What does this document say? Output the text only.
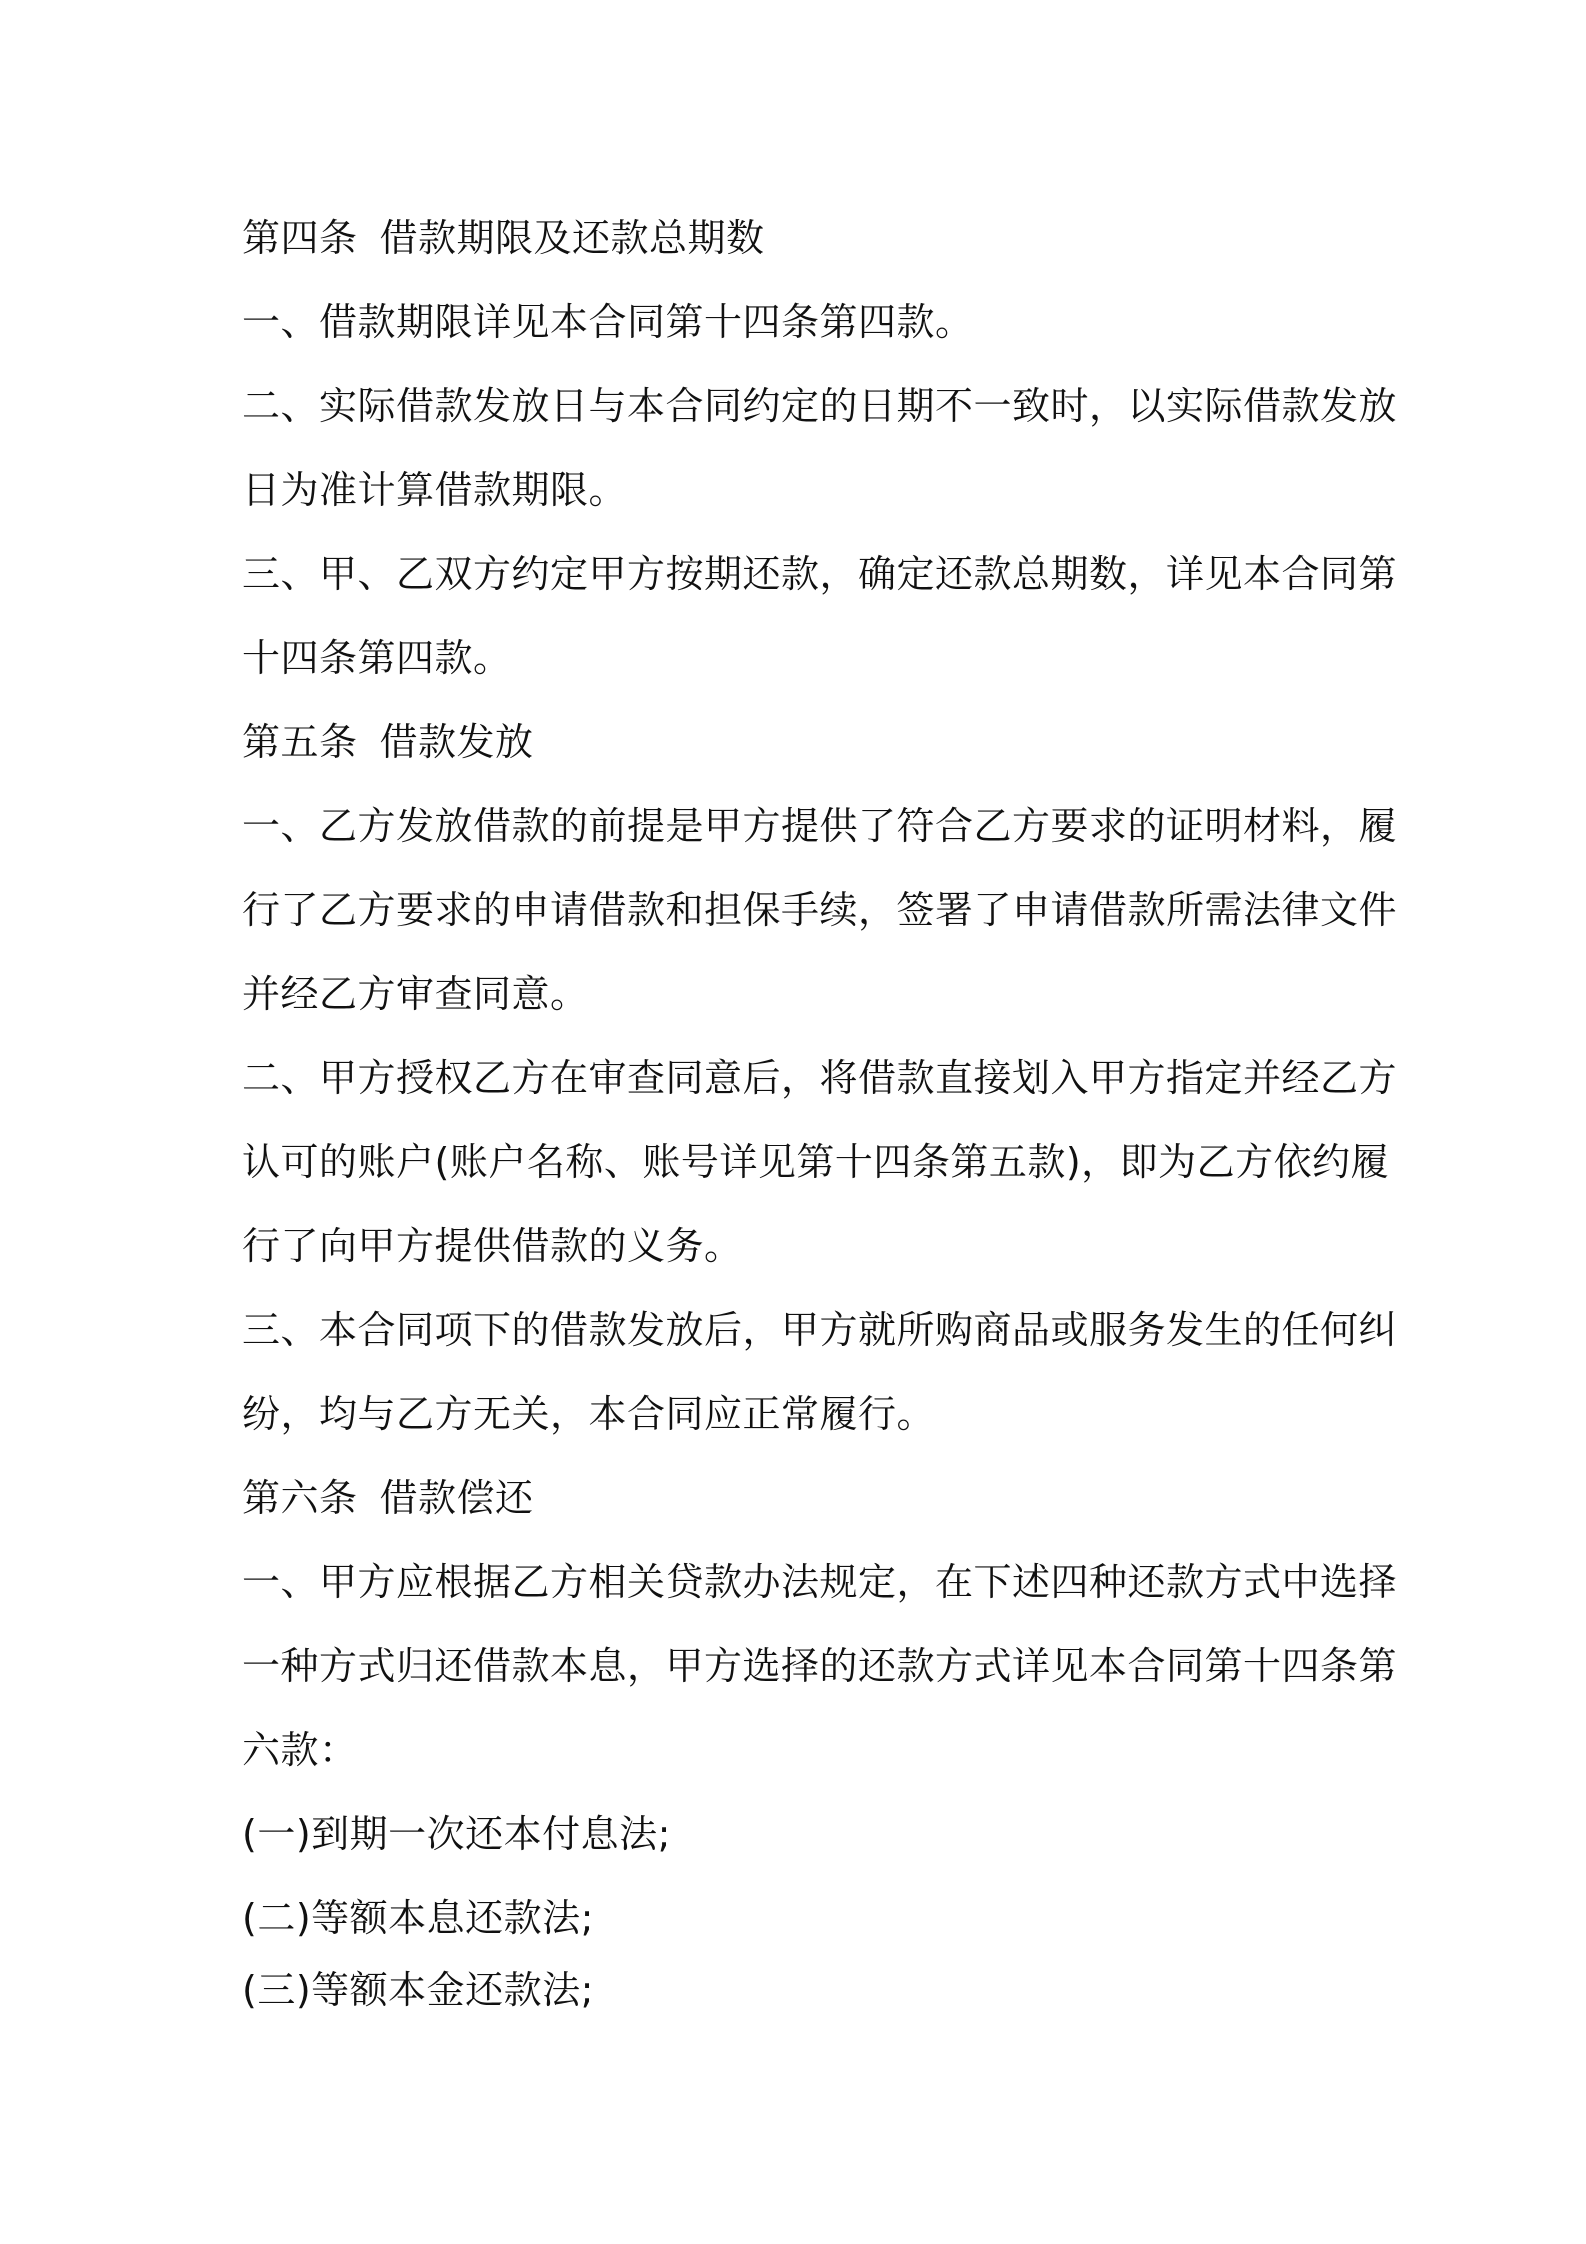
第四条 借款期限及还款总期数
一、借款期限详见本合同第十四条第四款。
二、实际借款发放日与本合同约定的日期不一致时，以实际借款发放
日为准计算借款期限。
三、甲、乙双方约定甲方按期还款，确定还款总期数，详见本合同第
十四条第四款。
第五条 借款发放
一、乙方发放借款的前提是甲方提供了符合乙方要求的证明材料，履
行了乙方要求的申请借款和担保手续，签署了申请借款所需法律文件
并经乙方审查同意。
二、甲方授权乙方在审查同意后，将借款直接划入甲方指定并经乙方
认可的账户(账户名称、账号详见第十四条第五款)，即为乙方依约履
行了向甲方提供借款的义务。
三、本合同项下的借款发放后，甲方就所购商品或服务发生的任何纠
纷，均与乙方无关，本合同应正常履行。
第六条 借款偿还
一、甲方应根据乙方相关贷款办法规定，在下述四种还款方式中选择
一种方式归还借款本息，甲方选择的还款方式详见本合同第十四条第
六款：
(一)到期一次还本付息法;
(二)等额本息还款法;
(三)等额本金还款法;
